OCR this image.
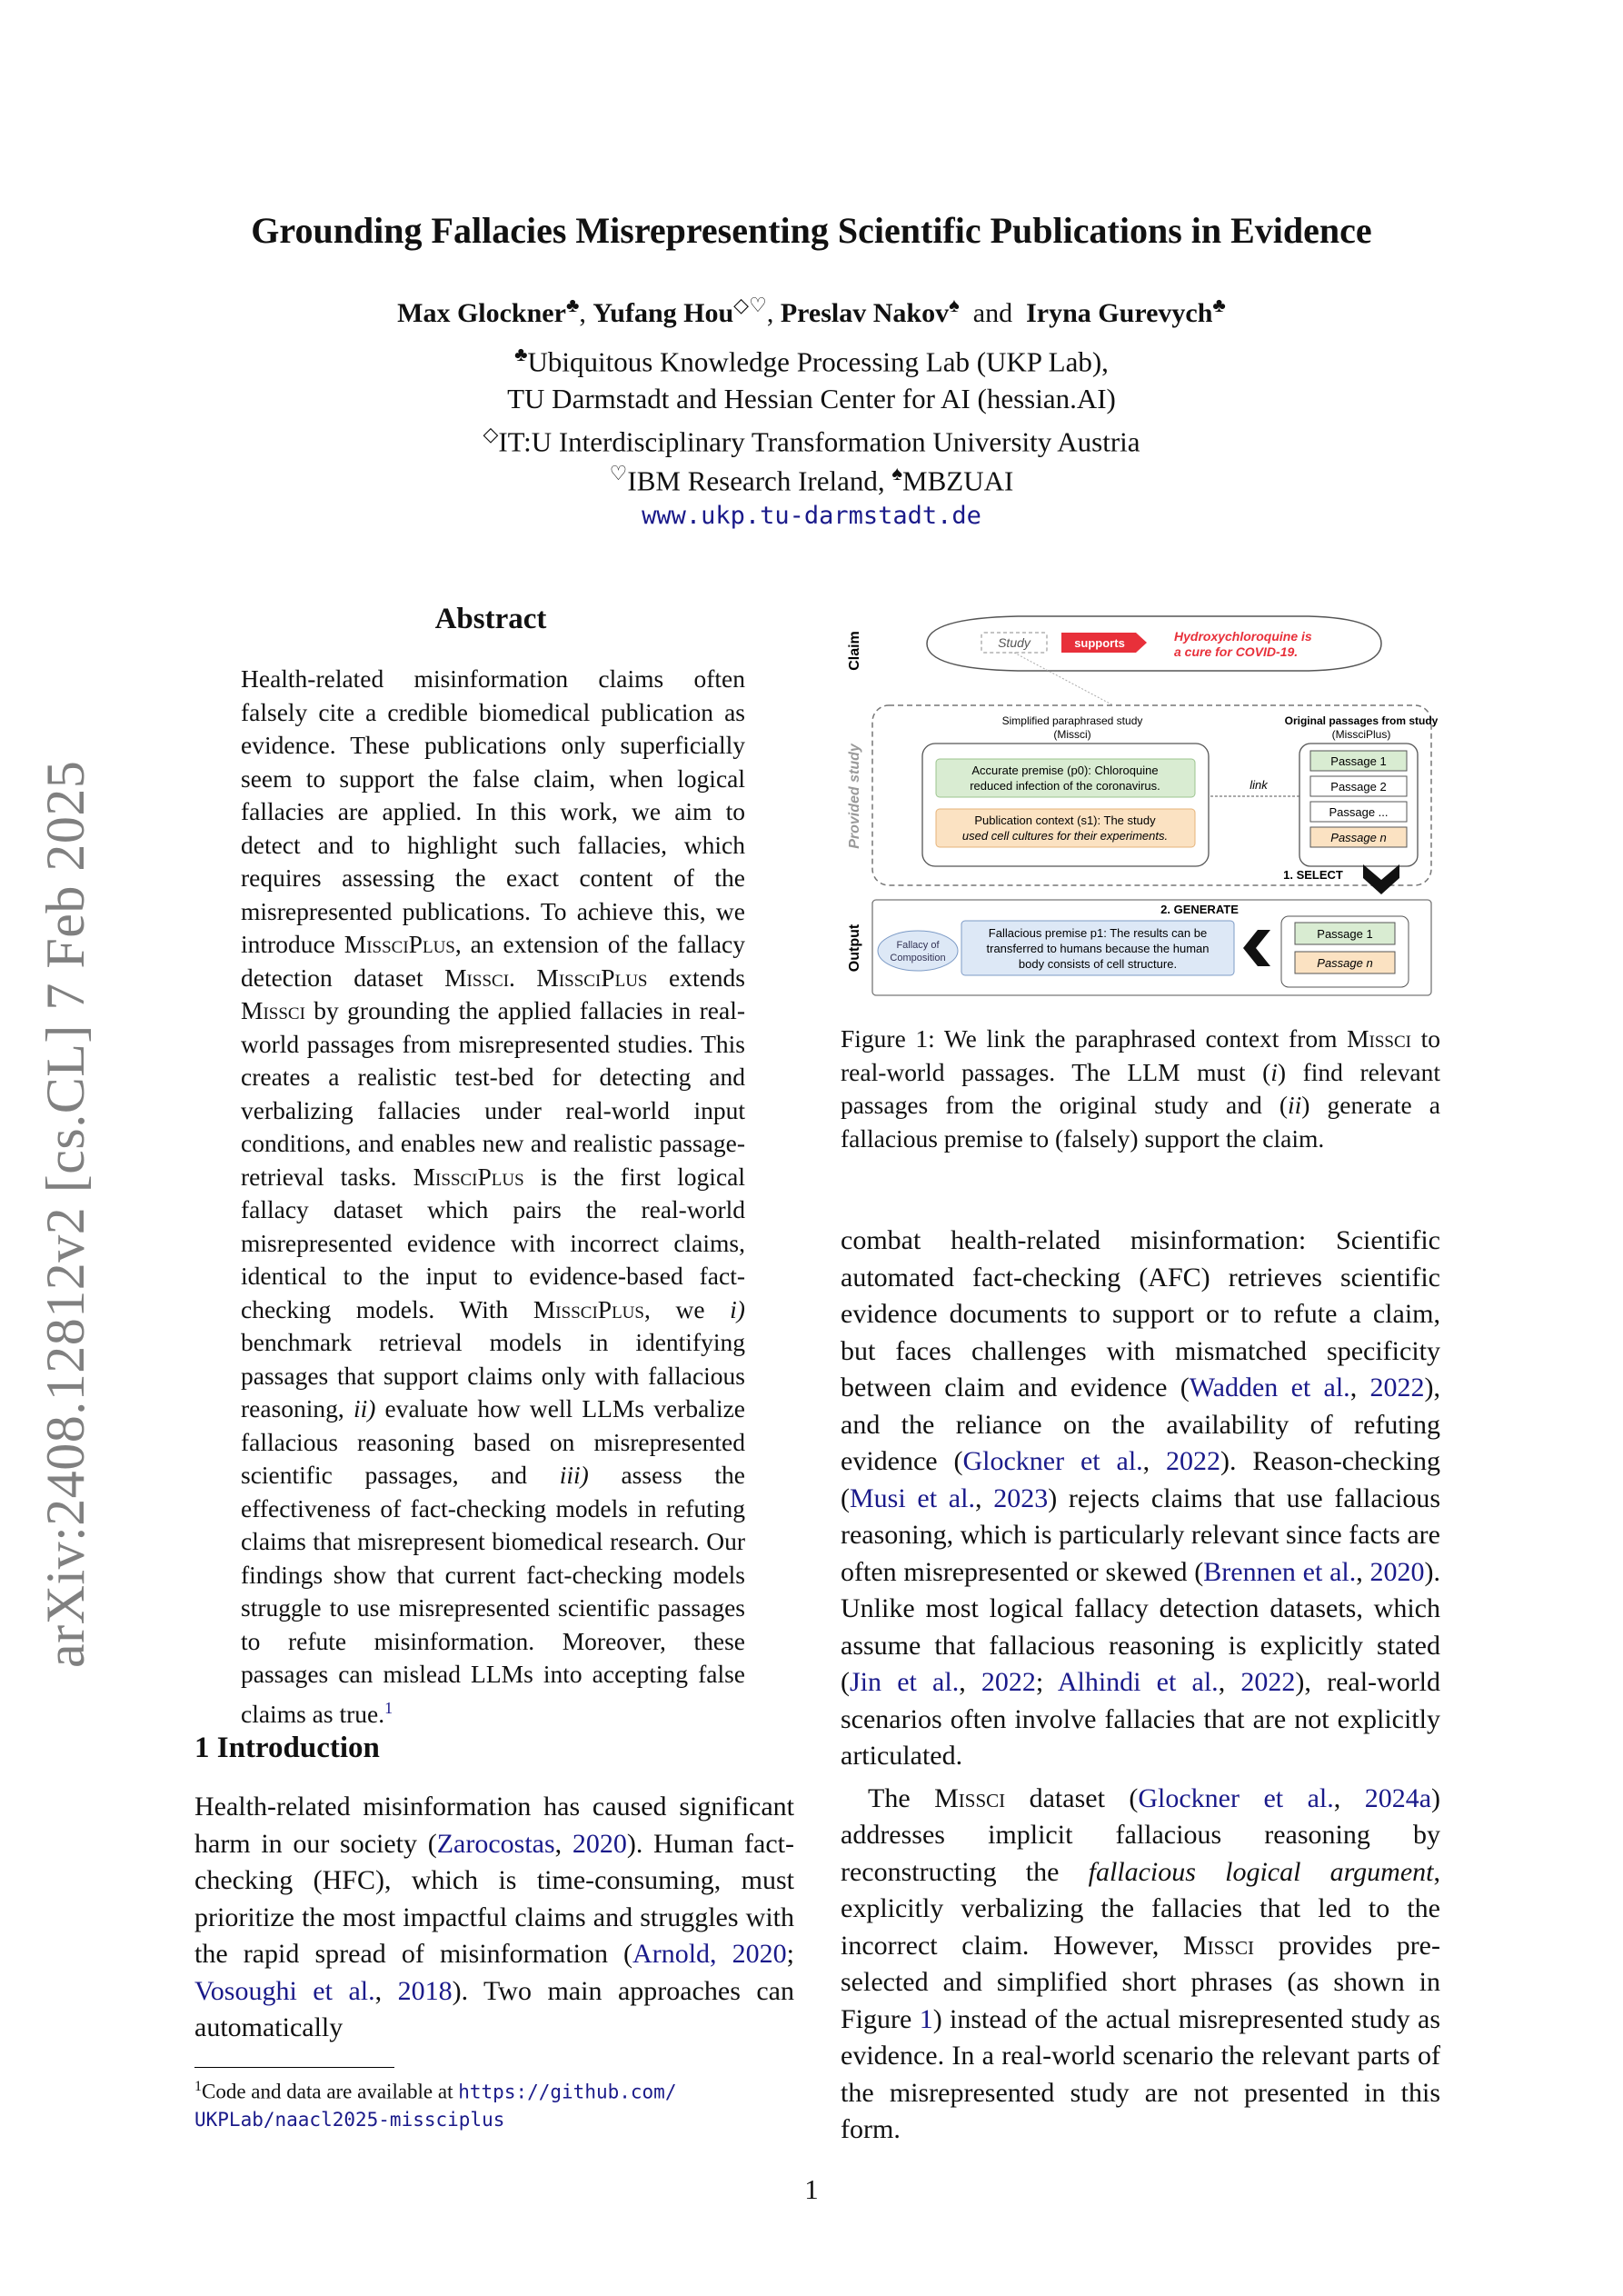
arXiv:2408.12812v2 [cs.CL] 7 Feb 2025
Grounding Fallacies Misrepresenting Scientific Publications in Evidence
Max Glockner♣, Yufang Hou◇♡, Preslav Nakov♠ and Iryna Gurevych♣
♣Ubiquitous Knowledge Processing Lab (UKP Lab),
TU Darmstadt and Hessian Center for AI (hessian.AI)
◇IT:U Interdisciplinary Transformation University Austria
♡IBM Research Ireland, ♠MBZUAI
www.ukp.tu-darmstadt.de
Abstract

Health-related misinformation claims often falsely cite a credible biomedical publication as evidence. These publications only superficially seem to support the false claim, when logical fallacies are applied. In this work, we aim to detect and to highlight such fallacies, which requires assessing the exact content of the misrepresented publications. To achieve this, we introduce MissciPlus, an extension of the fallacy detection dataset Missci. MissciPlus extends Missci by grounding the applied fallacies in real-world passages from misrepresented studies. This creates a realistic test-bed for detecting and verbalizing fallacies under real-world input conditions, and enables new and realistic passage-retrieval tasks. MissciPlus is the first logical fallacy dataset which pairs the real-world misrepresented evidence with incorrect claims, identical to the input to evidence-based fact-checking models. With MissciPlus, we i) benchmark retrieval models in identifying passages that support claims only with fallacious reasoning, ii) evaluate how well LLMs verbalize fallacious reasoning based on misrepresented scientific passages, and iii) assess the effectiveness of fact-checking models in refuting claims that misrepresent biomedical research. Our findings show that current fact-checking models struggle to use misrepresented scientific passages to refute misinformation. Moreover, these passages can mislead LLMs into accepting false claims as true.$^1$

1 Introduction

Health-related misinformation has caused significant harm in our society (Zarocostas, 2020). Human fact-checking (HFC), which is time-consuming, must prioritize the most impactful claims and struggles with the rapid spread of misinformation (Arnold, 2020; Vosoughi et al., 2018). Two main approaches can automatically

$^1$Code and data are available at https://github.com/
UKPLab/naacl2025-missciplus
Claim	Study	supports	Hydroxychloroquine is
a cure for COVID-19.
Provided study
Simplified paraphrased study
(Missci)
Original passages from study
(MissciPlus)
Accurate premise (p0): Chloroquine
reduced infection of the coronavirus.
Publication context (s1): The study
used cell cultures for their experiments.
link
Passage 1
Passage 2
Passage ...
Passage n
1. SELECT
Output
2. GENERATE
Fallacy of
Composition
Fallacious premise p1: The results can be
transferred to humans because the human
body consists of cell structure.
Passage 1
Passage n
Figure 1: We link the paraphrased context from Missci to real-world passages. The LLM must (i) find relevant passages from the original study and (ii) generate a fallacious premise to (falsely) support the claim.

combat health-related misinformation: Scientific automated fact-checking (AFC) retrieves scientific evidence documents to support or to refute a claim, but faces challenges with mismatched specificity between claim and evidence (Wadden et al., 2022), and the reliance on the availability of refuting evidence (Glockner et al., 2022). Reason-checking (Musi et al., 2023) rejects claims that use fallacious reasoning, which is particularly relevant since facts are often misrepresented or skewed (Brennen et al., 2020). Unlike most logical fallacy detection datasets, which assume that fallacious reasoning is explicitly stated (Jin et al., 2022; Alhindi et al., 2022), real-world scenarios often involve fallacies that are not explicitly articulated.

The Missci dataset (Glockner et al., 2024a) addresses implicit fallacious reasoning by reconstructing the fallacious logical argument, explicitly verbalizing the fallacies that led to the incorrect claim. However, Missci provides pre-selected and simplified short phrases (as shown in Figure 1) instead of the actual misrepresented study as evidence. In a real-world scenario the relevant parts of the misrepresented study are not presented in this form.

1
